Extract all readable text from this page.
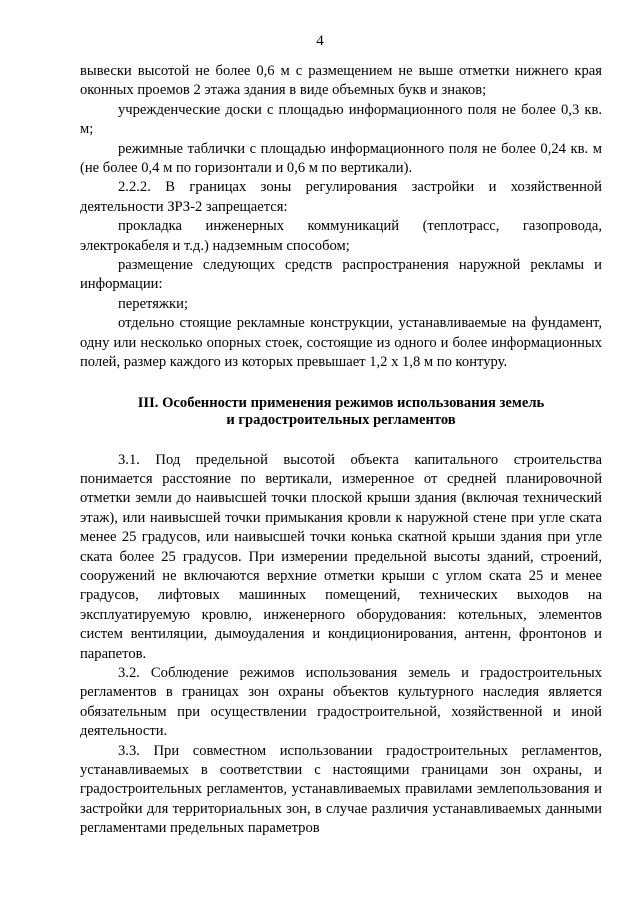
4

вывески высотой не более 0,6 м с размещением не выше отметки нижнего края оконных проемов 2 этажа здания в виде объемных букв и знаков;

учрежденческие доски с площадью информационного поля не более 0,3 кв. м;

режимные таблички с площадью информационного поля не более 0,24 кв. м (не более 0,4 м по горизонтали и 0,6 м по вертикали).

2.2.2. В границах зоны регулирования застройки и хозяйственной деятельности ЗРЗ-2 запрещается:

прокладка инженерных коммуникаций (теплотрасс, газопровода, электрокабеля и т.д.) надземным способом;

размещение следующих средств распространения наружной рекламы и информации:

перетяжки;

отдельно стоящие рекламные конструкции, устанавливаемые на фундамент, одну или несколько опорных стоек, состоящие из одного и более информационных полей, размер каждого из которых превышает 1,2 х 1,8 м по контуру.

III. Особенности применения режимов использования земель
и градостроительных регламентов

3.1. Под предельной высотой объекта капитального строительства понимается расстояние по вертикали, измеренное от средней планировочной отметки земли до наивысшей точки плоской крыши здания (включая технический этаж), или наивысшей точки примыкания кровли к наружной стене при угле ската менее 25 градусов, или наивысшей точки конька скатной крыши здания при угле ската более 25 градусов. При измерении предельной высоты зданий, строений, сооружений не включаются верхние отметки крыши с углом ската 25 и менее градусов, лифтовых машинных помещений, технических выходов на эксплуатируемую кровлю, инженерного оборудования: котельных, элементов систем вентиляции, дымоудаления и кондиционирования, антенн, фронтонов и парапетов.

3.2. Соблюдение режимов использования земель и градостроительных регламентов в границах зон охраны объектов культурного наследия является обязательным при осуществлении градостроительной, хозяйственной и иной деятельности.

3.3. При совместном использовании градостроительных регламентов, устанавливаемых в соответствии с настоящими границами зон охраны, и градостроительных регламентов, устанавливаемых правилами землепользования и застройки для территориальных зон, в случае различия устанавливаемых данными регламентами предельных параметров
